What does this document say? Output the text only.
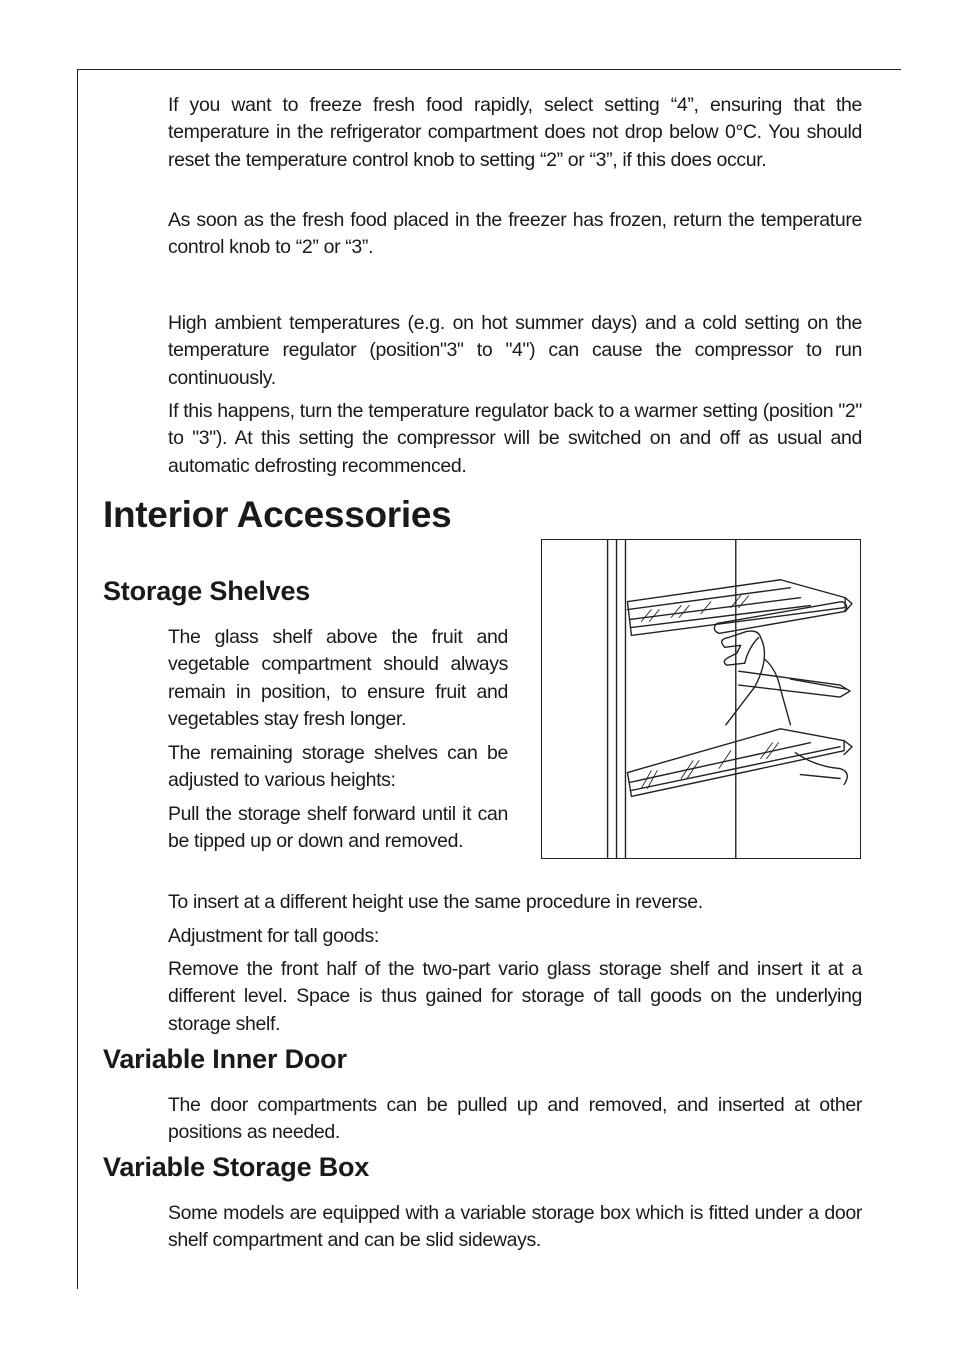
If you want to freeze fresh food rapidly, select setting “4”, ensuring that the temperature in the refrigerator compartment does not drop below 0°C. You should reset the temperature control knob to setting “2” or “3”, if this does occur.

As soon as the fresh food placed in the freezer has frozen, return the temperature control knob to “2” or “3”.

High ambient temperatures (e.g. on hot summer days) and a cold setting on the temperature regulator (position"3" to "4") can cause the compressor to run continuously.

If this happens, turn the temperature regulator back to a warmer setting (position "2" to "3"). At this setting the compressor will be switched on and off as usual and automatic defrosting recommenced.

Interior Accessories
Storage Shelves

The glass shelf above the fruit and vegetable compartment should always remain in position, to ensure fruit and vegetables stay fresh longer.

The remaining storage shelves can be adjusted to various heights:

Pull the storage shelf forward until it can be tipped up or down and removed.

To insert at a different height use the same procedure in reverse.

Adjustment for tall goods:

Remove the front half of the two-part vario glass storage shelf and insert it at a different level. Space is thus gained for storage of tall goods on the underlying storage shelf.

Variable Inner Door

The door compartments can be pulled up and removed, and inserted at other positions as needed.

Variable Storage Box

Some models are equipped with a variable storage box which is fitted under a door shelf compartment and can be slid sideways.
